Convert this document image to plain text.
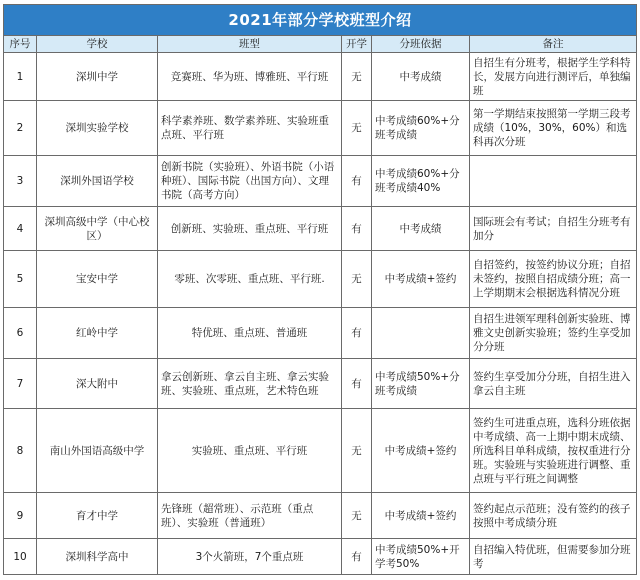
2021年部分学校班型介绍					
序号	学校	班型	开学	分班依据	备注
1	深圳中学	竞赛班、华为班、博雅班、平行班	无	中考成绩	自招生有分班考，根据学生学科特长，发展方向进行测评后，单独编班
2	深圳实验学校	科学素养班、数学素养班、实验班重点班、平行班	无	中考成绩60%+分班考成绩	第一学期结束按照第一学期三段考成绩（10%，30%，60%）和选科再次分班
3	深圳外国语学校	创新书院（实验班）、外语书院（小语种班）、国际书院（出国方向）、文理书院（高考方向）	有	中考成绩60%+分班考成绩40%	
4	深圳高级中学（中心校区）	创新班、实验班、重点班、平行班	有	中考成绩	国际班会有考试；自招生分班考有加分
5	宝安中学	零班、次零班、重点班、平行班.	无	中考成绩+签约	自招签约，按签约协议分班；自招未签约，按照自招成绩分班；高一上学期期末会根据选科情况分班
6	红岭中学	特优班、重点班、普通班	有		自招生进领军理科创新实验班、博雅文史创新实验班；签约生享受加分分班
7	深大附中	拿云创新班、拿云自主班、拿云实验班、实验班、重点班，艺术特色班	有	中考成绩50%+分班考成绩	签约生享受加分分班，自招生进入拿云自主班
8	南山外国语高级中学	实验班、重点班、平行班	无	中考成绩+签约	签约生可进重点班，选科分班依据中考成绩、高一上期中期末成绩、所选科目单科成绩，按权重进行分班。实验班与实验班进行调整、重点班与平行班之间调整
9	育才中学	先锋班（超常班）、示范班（重点班）、实验班（普通班）	无	中考成绩+签约	签约起点示范班；没有签约的孩子按照中考成绩分班
10	深圳科学高中	3个火箭班，7个重点班	有	中考成绩50%+开学考50%	自招编入特优班，但需要参加分班考
